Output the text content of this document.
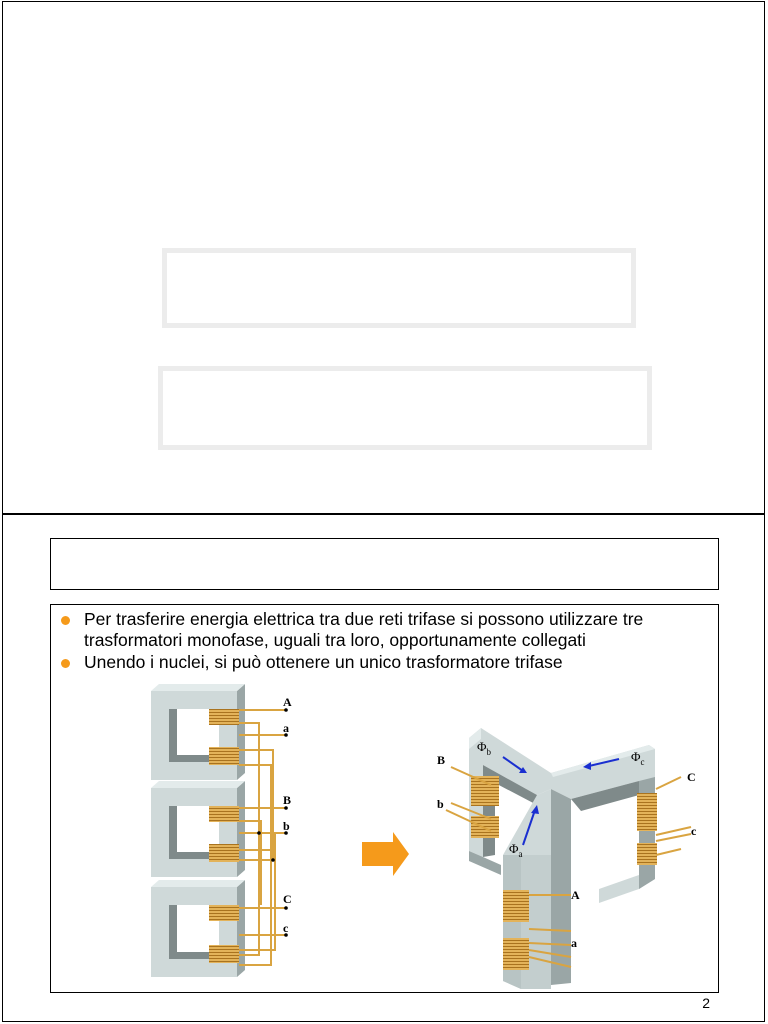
Per trasferire energia elettrica tra due reti trifase si possono utilizzare tre trasformatori monofase, uguali tra loro, opportunamente collegati
Unendo i nuclei, si può ottenere un unico trasformatore trifase
A
a
B
b
C
c
B
b
C
c
A
a
$\Phi_b$	$\Phi_c$
$\Phi_a$
2
